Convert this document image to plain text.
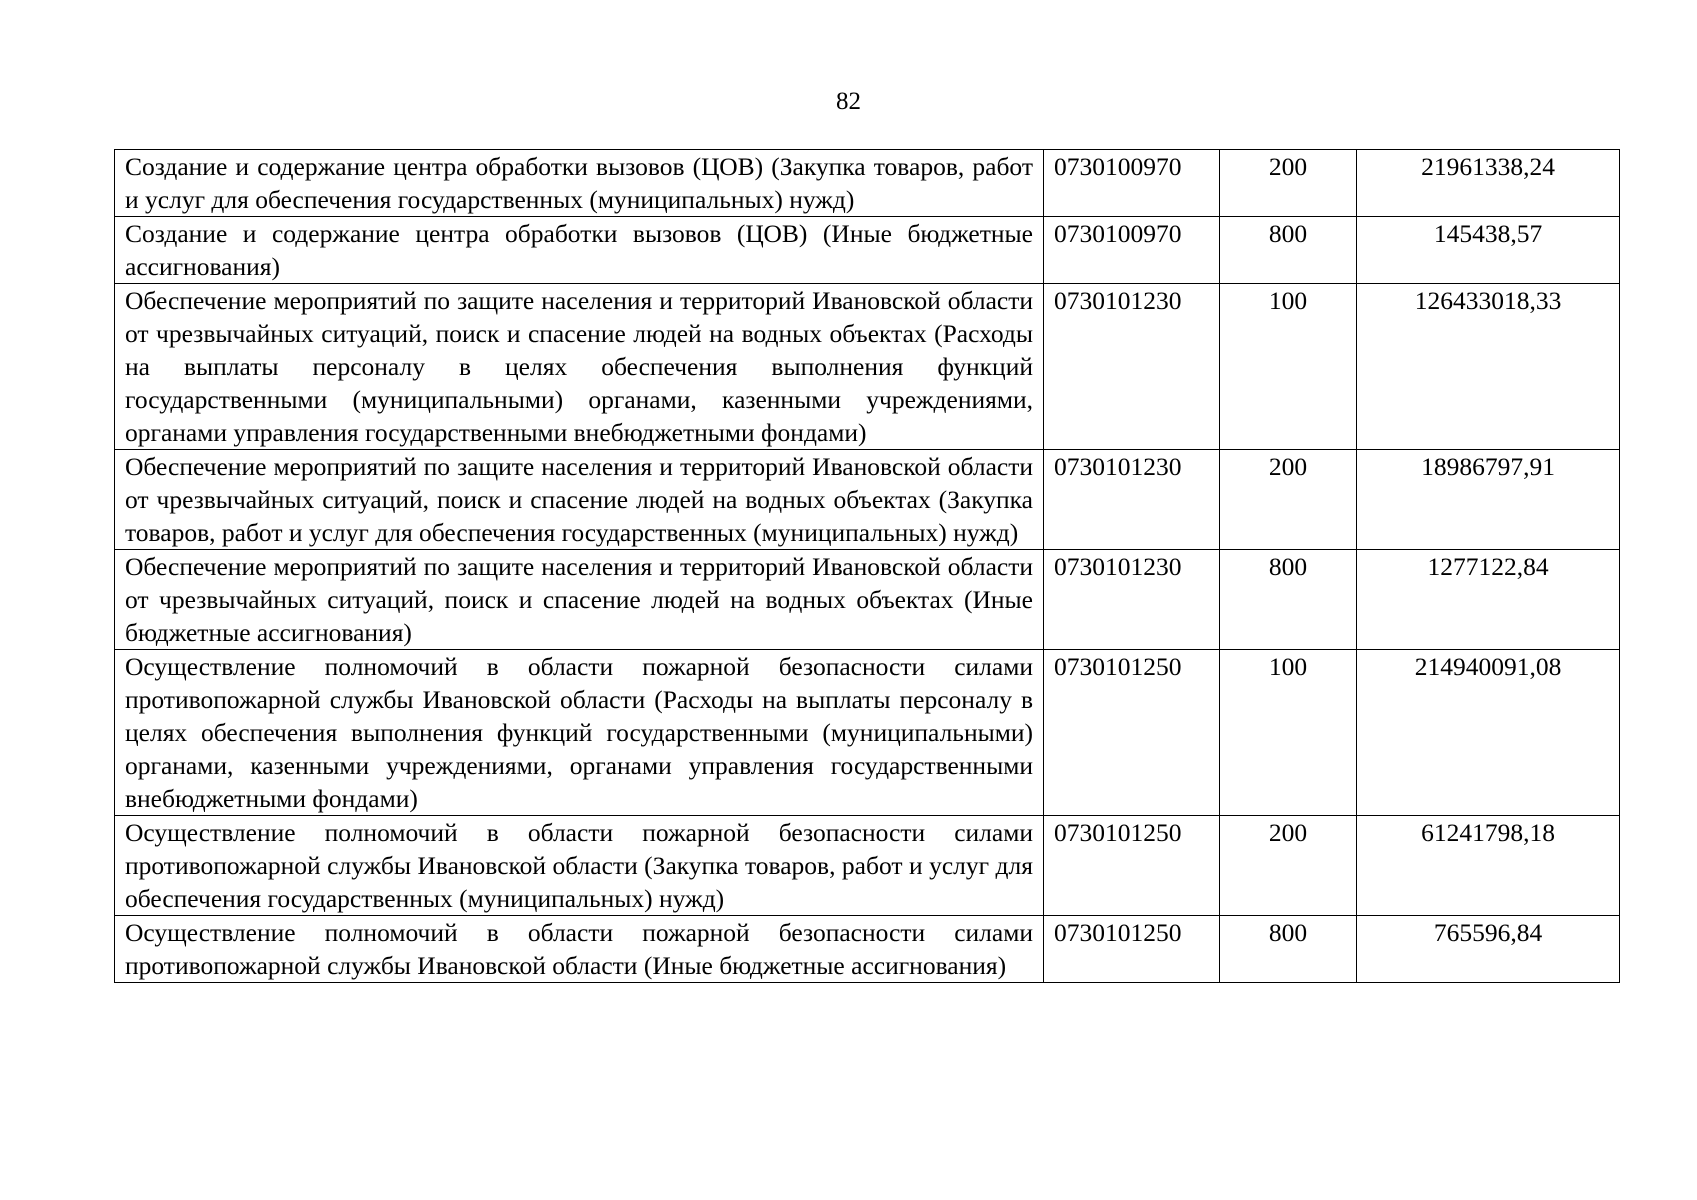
82
Создание и содержание центра обработки вызовов (ЦОВ) (Закупка товаров, работ и услуг для обеспечения государственных (муниципальных) нужд)	0730100970	200	21961338,24
Создание и содержание центра обработки вызовов (ЦОВ) (Иные бюджетные ассигнования)	0730100970	800	145438,57
Обеспечение мероприятий по защите населения и территорий Ивановской области от чрезвычайных ситуаций, поиск и спасение людей на водных объектах (Расходы на выплаты персоналу в целях обеспечения выполнения функций государственными (муниципальными) органами, казенными учреждениями, органами управления государственными внебюджетными фондами)	0730101230	100	126433018,33
Обеспечение мероприятий по защите населения и территорий Ивановской области от чрезвычайных ситуаций, поиск и спасение людей на водных объектах (Закупка товаров, работ и услуг для обеспечения государственных (муниципальных) нужд)	0730101230	200	18986797,91
Обеспечение мероприятий по защите населения и территорий Ивановской области от чрезвычайных ситуаций, поиск и спасение людей на водных объектах (Иные бюджетные ассигнования)	0730101230	800	1277122,84
Осуществление полномочий в области пожарной безопасности силами противопожарной службы Ивановской области (Расходы на выплаты персоналу в целях обеспечения выполнения функций государственными (муниципальными) органами, казенными учреждениями, органами управления государственными внебюджетными фондами)	0730101250	100	214940091,08
Осуществление полномочий в области пожарной безопасности силами противопожарной службы Ивановской области (Закупка товаров, работ и услуг для обеспечения государственных (муниципальных) нужд)	0730101250	200	61241798,18
Осуществление полномочий в области пожарной безопасности силами противопожарной службы Ивановской области (Иные бюджетные ассигнования)	0730101250	800	765596,84
